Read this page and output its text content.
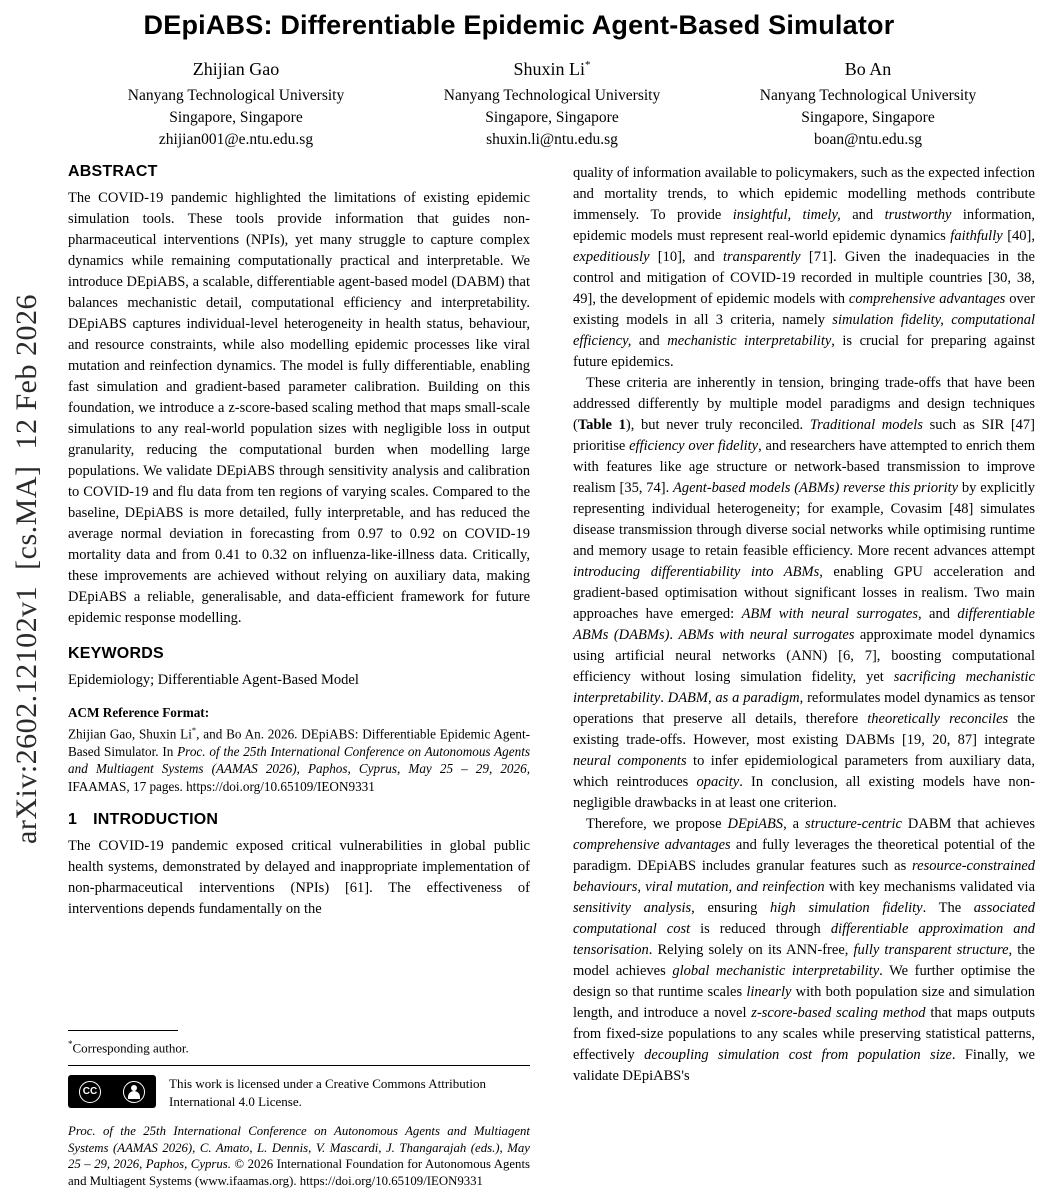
arXiv:2602.12102v1  [cs.MA]  12 Feb 2026
DEpiABS: Differentiable Epidemic Agent-Based Simulator
Zhijian Gao
Nanyang Technological University
Singapore, Singapore
zhijian001@e.ntu.edu.sg
Shuxin Li*
Nanyang Technological University
Singapore, Singapore
shuxin.li@ntu.edu.sg
Bo An
Nanyang Technological University
Singapore, Singapore
boan@ntu.edu.sg
ABSTRACT

The COVID-19 pandemic highlighted the limitations of existing epidemic simulation tools. These tools provide information that guides non-pharmaceutical interventions (NPIs), yet many struggle to capture complex dynamics while remaining computationally practical and interpretable. We introduce DEpiABS, a scalable, differentiable agent-based model (DABM) that balances mechanistic detail, computational efficiency and interpretability. DEpiABS captures individual-level heterogeneity in health status, behaviour, and resource constraints, while also modelling epidemic processes like viral mutation and reinfection dynamics. The model is fully differentiable, enabling fast simulation and gradient-based parameter calibration. Building on this foundation, we introduce a z-score-based scaling method that maps small-scale simulations to any real-world population sizes with negligible loss in output granularity, reducing the computational burden when modelling large populations. We validate DEpiABS through sensitivity analysis and calibration to COVID-19 and flu data from ten regions of varying scales. Compared to the baseline, DEpiABS is more detailed, fully interpretable, and has reduced the average normal deviation in forecasting from 0.97 to 0.92 on COVID-19 mortality data and from 0.41 to 0.32 on influenza-like-illness data. Critically, these improvements are achieved without relying on auxiliary data, making DEpiABS a reliable, generalisable, and data-efficient framework for future epidemic response modelling.

KEYWORDS

Epidemiology; Differentiable Agent-Based Model

ACM Reference Format:

Zhijian Gao, Shuxin Li*, and Bo An. 2026. DEpiABS: Differentiable Epidemic Agent-Based Simulator. In Proc. of the 25th International Conference on Autonomous Agents and Multiagent Systems (AAMAS 2026), Paphos, Cyprus, May 25 – 29, 2026, IFAAMAS, 17 pages. https://doi.org/10.65109/IEON9331

1 INTRODUCTION

The COVID-19 pandemic exposed critical vulnerabilities in global public health systems, demonstrated by delayed and inappropriate implementation of non-pharmaceutical interventions (NPIs) [61]. The effectiveness of interventions depends fundamentally on the

quality of information available to policymakers, such as the expected infection and mortality trends, to which epidemic modelling methods contribute immensely. To provide insightful, timely, and trustworthy information, epidemic models must represent real-world epidemic dynamics faithfully [40], expeditiously [10], and transparently [71]. Given the inadequacies in the control and mitigation of COVID-19 recorded in multiple countries [30, 38, 49], the development of epidemic models with comprehensive advantages over existing models in all 3 criteria, namely simulation fidelity, computational efficiency, and mechanistic interpretability, is crucial for preparing against future epidemics.

These criteria are inherently in tension, bringing trade-offs that have been addressed differently by multiple model paradigms and design techniques (Table 1), but never truly reconciled. Traditional models such as SIR [47] prioritise efficiency over fidelity, and researchers have attempted to enrich them with features like age structure or network-based transmission to improve realism [35, 74]. Agent-based models (ABMs) reverse this priority by explicitly representing individual heterogeneity; for example, Covasim [48] simulates disease transmission through diverse social networks while optimising runtime and memory usage to retain feasible efficiency. More recent advances attempt introducing differentiability into ABMs, enabling GPU acceleration and gradient-based optimisation without significant losses in realism. Two main approaches have emerged: ABM with neural surrogates, and differentiable ABMs (DABMs). ABMs with neural surrogates approximate model dynamics using artificial neural networks (ANN) [6, 7], boosting computational efficiency without losing simulation fidelity, yet sacrificing mechanistic interpretability. DABM, as a paradigm, reformulates model dynamics as tensor operations that preserve all details, therefore theoretically reconciles the existing trade-offs. However, most existing DABMs [19, 20, 87] integrate neural components to infer epidemiological parameters from auxiliary data, which reintroduces opacity. In conclusion, all existing models have non-negligible drawbacks in at least one criterion.

Therefore, we propose DEpiABS, a structure-centric DABM that achieves comprehensive advantages and fully leverages the theoretical potential of the paradigm. DEpiABS includes granular features such as resource-constrained behaviours, viral mutation, and reinfection with key mechanisms validated via sensitivity analysis, ensuring high simulation fidelity. The associated computational cost is reduced through differentiable approximation and tensorisation. Relying solely on its ANN-free, fully transparent structure, the model achieves global mechanistic interpretability. We further optimise the design so that runtime scales linearly with both population size and simulation length, and introduce a novel z-score-based scaling method that maps outputs from fixed-size populations to any scales while preserving statistical patterns, effectively decoupling simulation cost from population size. Finally, we validate DEpiABS's

*Corresponding author.

CC

This work is licensed under a Creative Commons Attribution International 4.0 License.

Proc. of the 25th International Conference on Autonomous Agents and Multiagent Systems (AAMAS 2026), C. Amato, L. Dennis, V. Mascardi, J. Thangarajah (eds.), May 25 – 29, 2026, Paphos, Cyprus. © 2026 International Foundation for Autonomous Agents and Multiagent Systems (www.ifaamas.org). https://doi.org/10.65109/IEON9331
